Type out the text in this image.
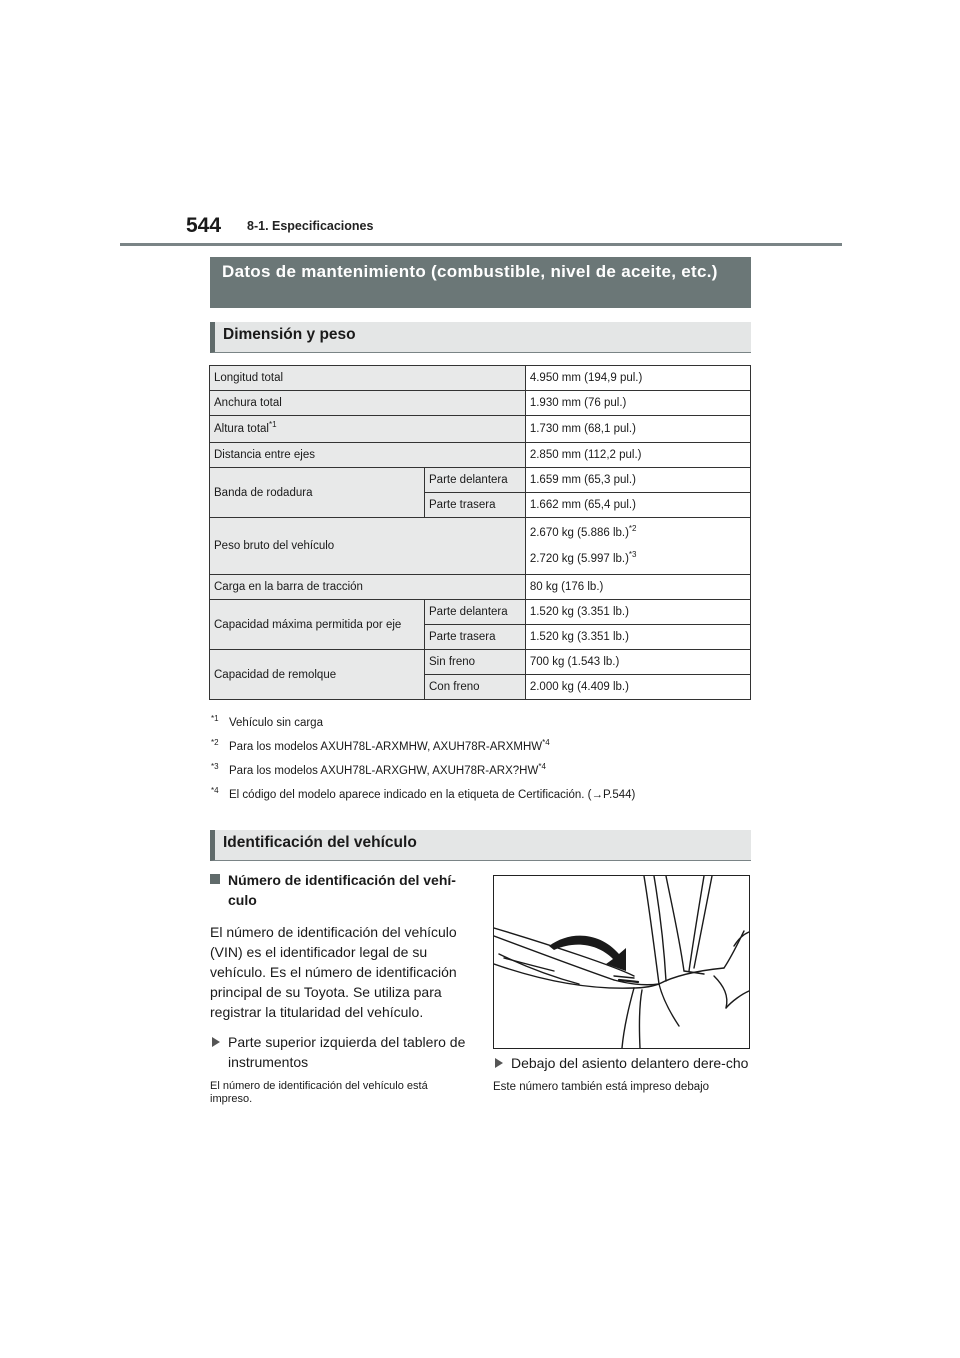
544 8-1. Especificaciones
Datos de mantenimiento (combustible, nivel de aceite, etc.)
Dimensión y peso
Longitud total		4.950 mm (194,9 pul.)
Anchura total		1.930 mm (76 pul.)
Altura total$^{*1}$		1.730 mm (68,1 pul.)
Distancia entre ejes		2.850 mm (112,2 pul.)
Banda de rodadura	Parte delantera	1.659 mm (65,3 pul.)
	Parte trasera	1.662 mm (65,4 pul.)
Peso bruto del vehículo		2.670 kg (5.886 lb.)$^{*2}$
2.720 kg (5.997 lb.)$^{*3}$

Carga en la barra de tracción		80 kg (176 lb.)
Capacidad máxima permitida por eje	Parte delantera	1.520 kg (3.351 lb.)
	Parte trasera	1.520 kg (3.351 lb.)
Capacidad de remolque	Sin freno	700 kg (1.543 lb.)
	Con freno	2.000 kg (4.409 lb.)
$^{*1}$ Vehículo sin carga
$^{*2}$ Para los modelos AXUH78L-ARXMHW, AXUH78R-ARXMHW$^{*4}$
$^{*3}$ Para los modelos AXUH78L-ARXGHW, AXUH78R-ARX?HW$^{*4}$
$^{*4}$ El código del modelo aparece indicado en la etiqueta de Certificación. (→P.544)
Identificación del vehículo
Número de identificación del vehí-culo
El número de identificación del vehículo (VIN) es el identificador legal de su vehículo. Es el número de identificación principal de su Toyota. Se utiliza para registrar la titularidad del vehículo.
Parte superior izquierda del tablero de instrumentos
El número de identificación del vehículo está impreso.
Debajo del asiento delantero dere-cho
Este número también está impreso debajo
